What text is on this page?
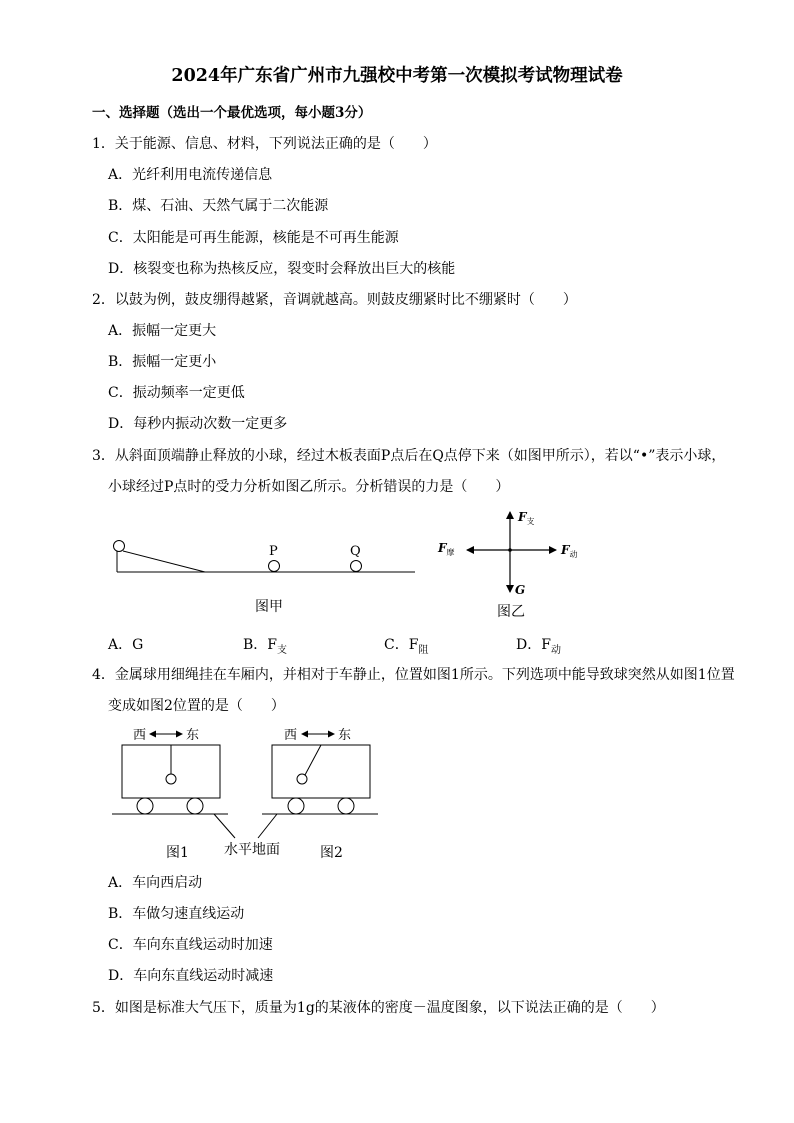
2024年广东省广州市九强校中考第一次模拟考试物理试卷
一、选择题（选出一个最优选项，每小题3分）
1．关于能源、信息、材料，下列说法正确的是（　　）
A．光纤利用电流传递信息
B．煤、石油、天然气属于二次能源
C．太阳能是可再生能源，核能是不可再生能源
D．核裂变也称为热核反应，裂变时会释放出巨大的核能
2．以鼓为例，鼓皮绷得越紧，音调就越高。则鼓皮绷紧时比不绷紧时（　　）
A．振幅一定更大
B．振幅一定更小
C．振动频率一定更低
D．每秒内振动次数一定更多
3．从斜面顶端静止释放的小球，经过木板表面P点后在Q点停下来（如图甲所示），若以“•”表示小球，
小球经过P点时的受力分析如图乙所示。分析错误的力是（　　）
P	Q
图甲
$F_支$
$F_摩$	$F_动$
G
图乙
A．G	B．$F_支$	C．$F_阻$	D．$F_动$
4．金属球用细绳挂在车厢内，并相对于车静止，位置如图1所示。下列选项中能导致球突然从如图1位置
变成如图2位置的是（　　）
西	东	西	东
图1	水平地面	图2
A．车向西启动
B．车做匀速直线运动
C．车向东直线运动时加速
D．车向东直线运动时减速
5．如图是标准大气压下，质量为1g的某液体的密度－温度图象，以下说法正确的是（　　）
